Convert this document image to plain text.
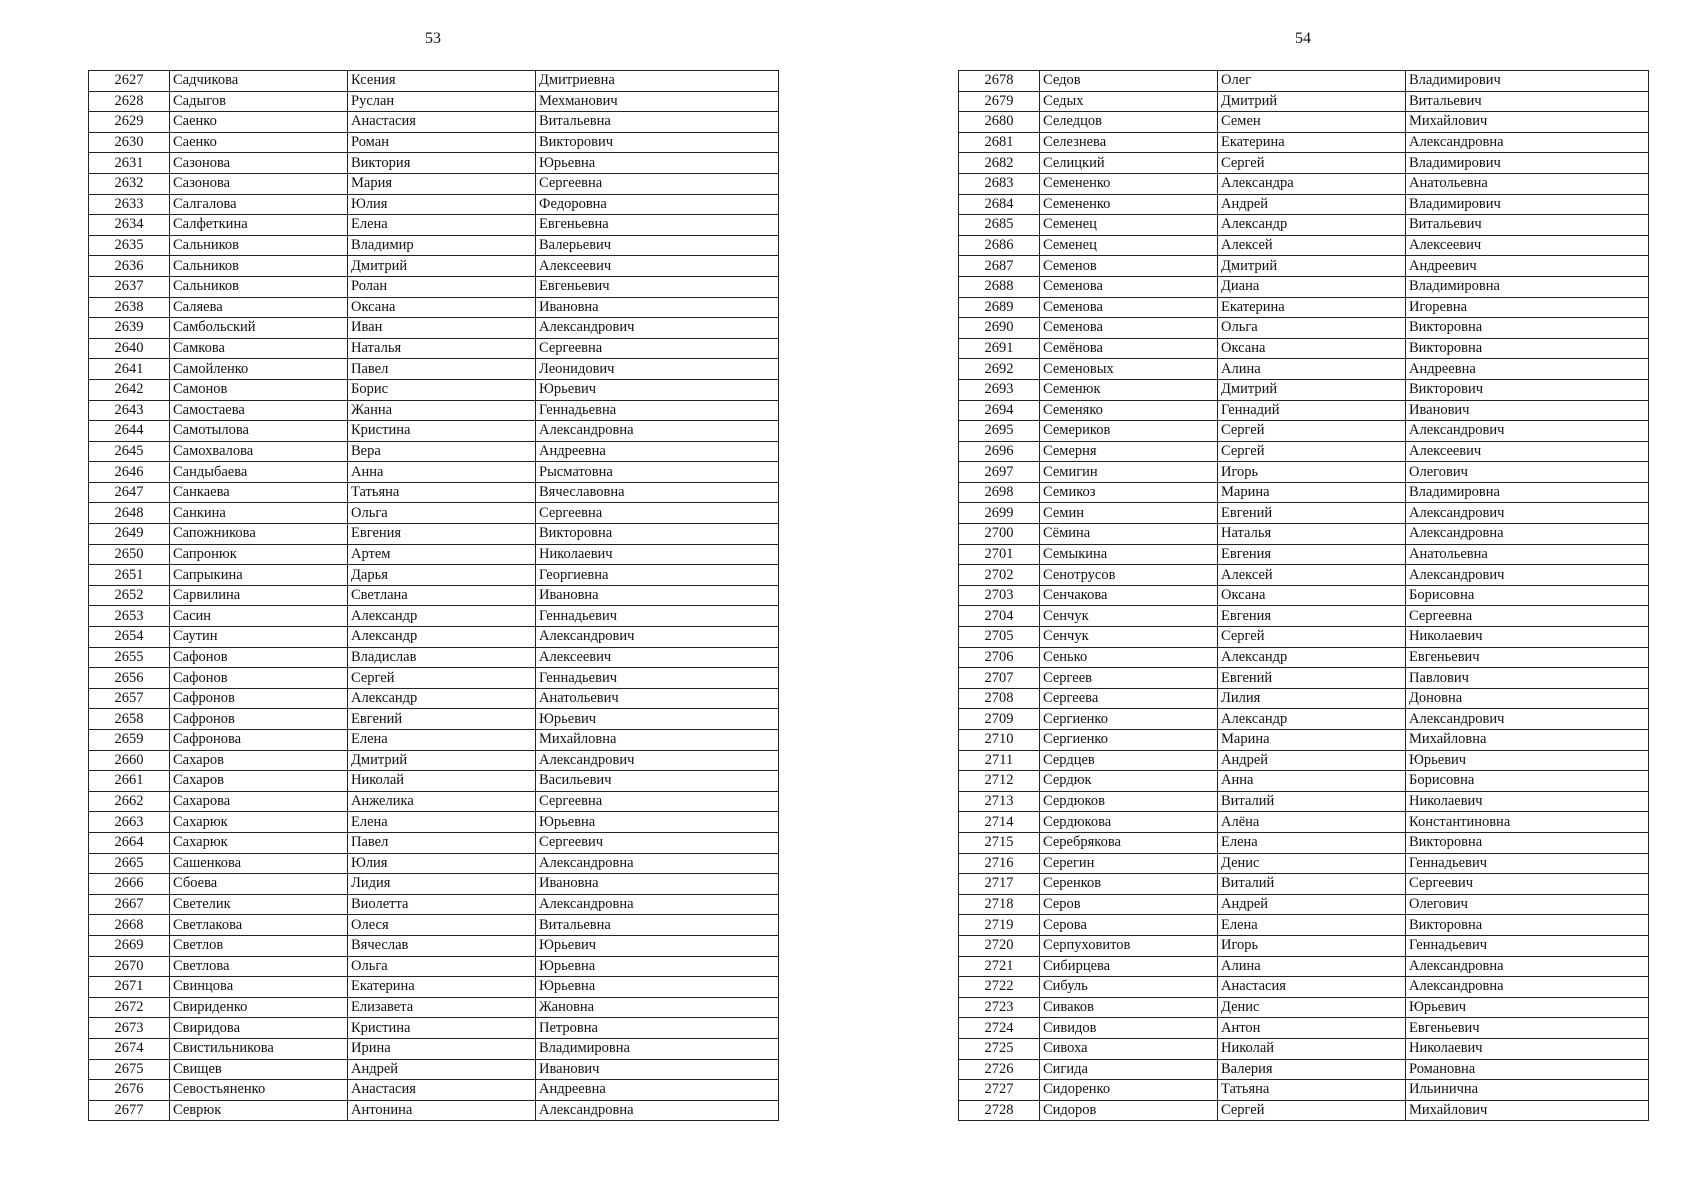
53
2627	Садчикова	Ксения	Дмитриевна
2628	Садыгов	Руслан	Мехманович
2629	Саенко	Анастасия	Витальевна
2630	Саенко	Роман	Викторович
2631	Сазонова	Виктория	Юрьевна
2632	Сазонова	Мария	Сергеевна
2633	Салгалова	Юлия	Федоровна
2634	Салфеткина	Елена	Евгеньевна
2635	Сальников	Владимир	Валерьевич
2636	Сальников	Дмитрий	Алексеевич
2637	Сальников	Ролан	Евгеньевич
2638	Саляева	Оксана	Ивановна
2639	Самбольский	Иван	Александрович
2640	Самкова	Наталья	Сергеевна
2641	Самойленко	Павел	Леонидович
2642	Самонов	Борис	Юрьевич
2643	Самостаева	Жанна	Геннадьевна
2644	Самотылова	Кристина	Александровна
2645	Самохвалова	Вера	Андреевна
2646	Сандыбаева	Анна	Рысматовна
2647	Санкаева	Татьяна	Вячеславовна
2648	Санкина	Ольга	Сергеевна
2649	Сапожникова	Евгения	Викторовна
2650	Сапронюк	Артем	Николаевич
2651	Сапрыкина	Дарья	Георгиевна
2652	Сарвилина	Светлана	Ивановна
2653	Сасин	Александр	Геннадьевич
2654	Саутин	Александр	Александрович
2655	Сафонов	Владислав	Алексеевич
2656	Сафонов	Сергей	Геннадьевич
2657	Сафронов	Александр	Анатольевич
2658	Сафронов	Евгений	Юрьевич
2659	Сафронова	Елена	Михайловна
2660	Сахаров	Дмитрий	Александрович
2661	Сахаров	Николай	Васильевич
2662	Сахарова	Анжелика	Сергеевна
2663	Сахарюк	Елена	Юрьевна
2664	Сахарюк	Павел	Сергеевич
2665	Сашенкова	Юлия	Александровна
2666	Сбоева	Лидия	Ивановна
2667	Светелик	Виолетта	Александровна
2668	Светлакова	Олеся	Витальевна
2669	Светлов	Вячеслав	Юрьевич
2670	Светлова	Ольга	Юрьевна
2671	Свинцова	Екатерина	Юрьевна
2672	Свириденко	Елизавета	Жановна
2673	Свиридова	Кристина	Петровна
2674	Свистильникова	Ирина	Владимировна
2675	Свищев	Андрей	Иванович
2676	Севостьяненко	Анастасия	Андреевна
2677	Севрюк	Антонина	Александровна
54
2678	Седов	Олег	Владимирович
2679	Седых	Дмитрий	Витальевич
2680	Селедцов	Семен	Михайлович
2681	Селезнева	Екатерина	Александровна
2682	Селицкий	Сергей	Владимирович
2683	Семененко	Александра	Анатольевна
2684	Семененко	Андрей	Владимирович
2685	Семенец	Александр	Витальевич
2686	Семенец	Алексей	Алексеевич
2687	Семенов	Дмитрий	Андреевич
2688	Семенова	Диана	Владимировна
2689	Семенова	Екатерина	Игоревна
2690	Семенова	Ольга	Викторовна
2691	Семёнова	Оксана	Викторовна
2692	Семеновых	Алина	Андреевна
2693	Семенюк	Дмитрий	Викторович
2694	Семеняко	Геннадий	Иванович
2695	Семериков	Сергей	Александрович
2696	Семерня	Сергей	Алексеевич
2697	Семигин	Игорь	Олегович
2698	Семикоз	Марина	Владимировна
2699	Семин	Евгений	Александрович
2700	Сёмина	Наталья	Александровна
2701	Семыкина	Евгения	Анатольевна
2702	Сенотрусов	Алексей	Александрович
2703	Сенчакова	Оксана	Борисовна
2704	Сенчук	Евгения	Сергеевна
2705	Сенчук	Сергей	Николаевич
2706	Сенько	Александр	Евгеньевич
2707	Сергеев	Евгений	Павлович
2708	Сергеева	Лилия	Доновна
2709	Сергиенко	Александр	Александрович
2710	Сергиенко	Марина	Михайловна
2711	Сердцев	Андрей	Юрьевич
2712	Сердюк	Анна	Борисовна
2713	Сердюков	Виталий	Николаевич
2714	Сердюкова	Алёна	Константиновна
2715	Серебрякова	Елена	Викторовна
2716	Серегин	Денис	Геннадьевич
2717	Серенков	Виталий	Сергеевич
2718	Серов	Андрей	Олегович
2719	Серова	Елена	Викторовна
2720	Серпуховитов	Игорь	Геннадьевич
2721	Сибирцева	Алина	Александровна
2722	Сибуль	Анастасия	Александровна
2723	Сиваков	Денис	Юрьевич
2724	Сивидов	Антон	Евгеньевич
2725	Сивоха	Николай	Николаевич
2726	Сигида	Валерия	Романовна
2727	Сидоренко	Татьяна	Ильинична
2728	Сидоров	Сергей	Михайлович
